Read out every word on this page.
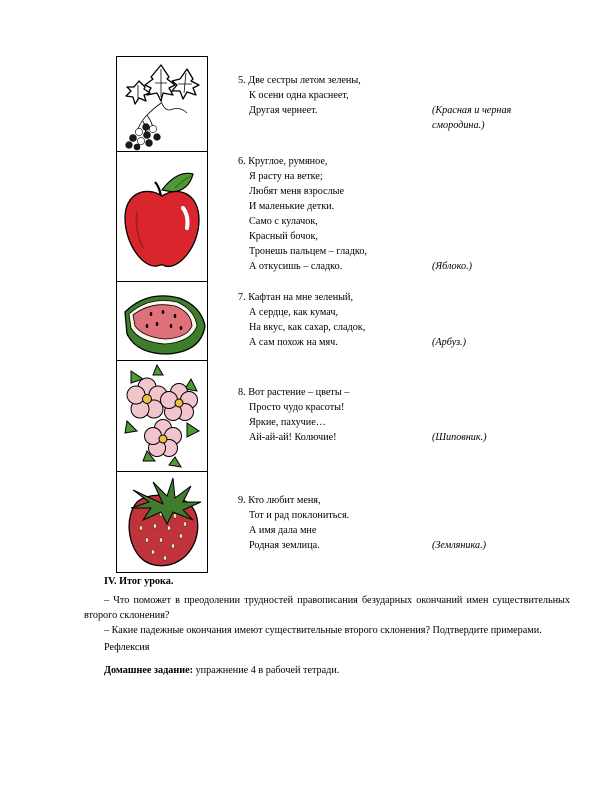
5. Две сестры летом зелены,
К осени одна краснеет,
Другая чернеет.	(Красная и черная
смородина.)
6. Круглое, румяное,
Я расту на ветке;
Любят меня взрослые
И маленькие детки.
Само с кулачок,
Красный бочок,
Тронешь пальцем – гладко,
А откусишь – сладко.	(Яблоко.)
7. Кафтан на мне зеленый,
А сердце, как кумач,
На вкус, как сахар, сладок,
А сам похож на мяч.	(Арбуз.)
8. Вот растение – цветы –
Просто чудо красоты!
Яркие, пахучие…
Ай-ай-ай! Колючие!	(Шиповник.)
9. Кто любит меня,
Тот и рад поклониться.
А имя дала мне
Родная землица.	(Земляника.)

IV. Итог урока.

– Что поможет в преодолении трудностей правописания безударных окончаний имен существительных второго склонения?

– Какие падежные окончания имеют существительные второго склонения? Подтвердите примерами.

Рефлексия

Домашнее задание: упражнение 4 в рабочей тетради.
